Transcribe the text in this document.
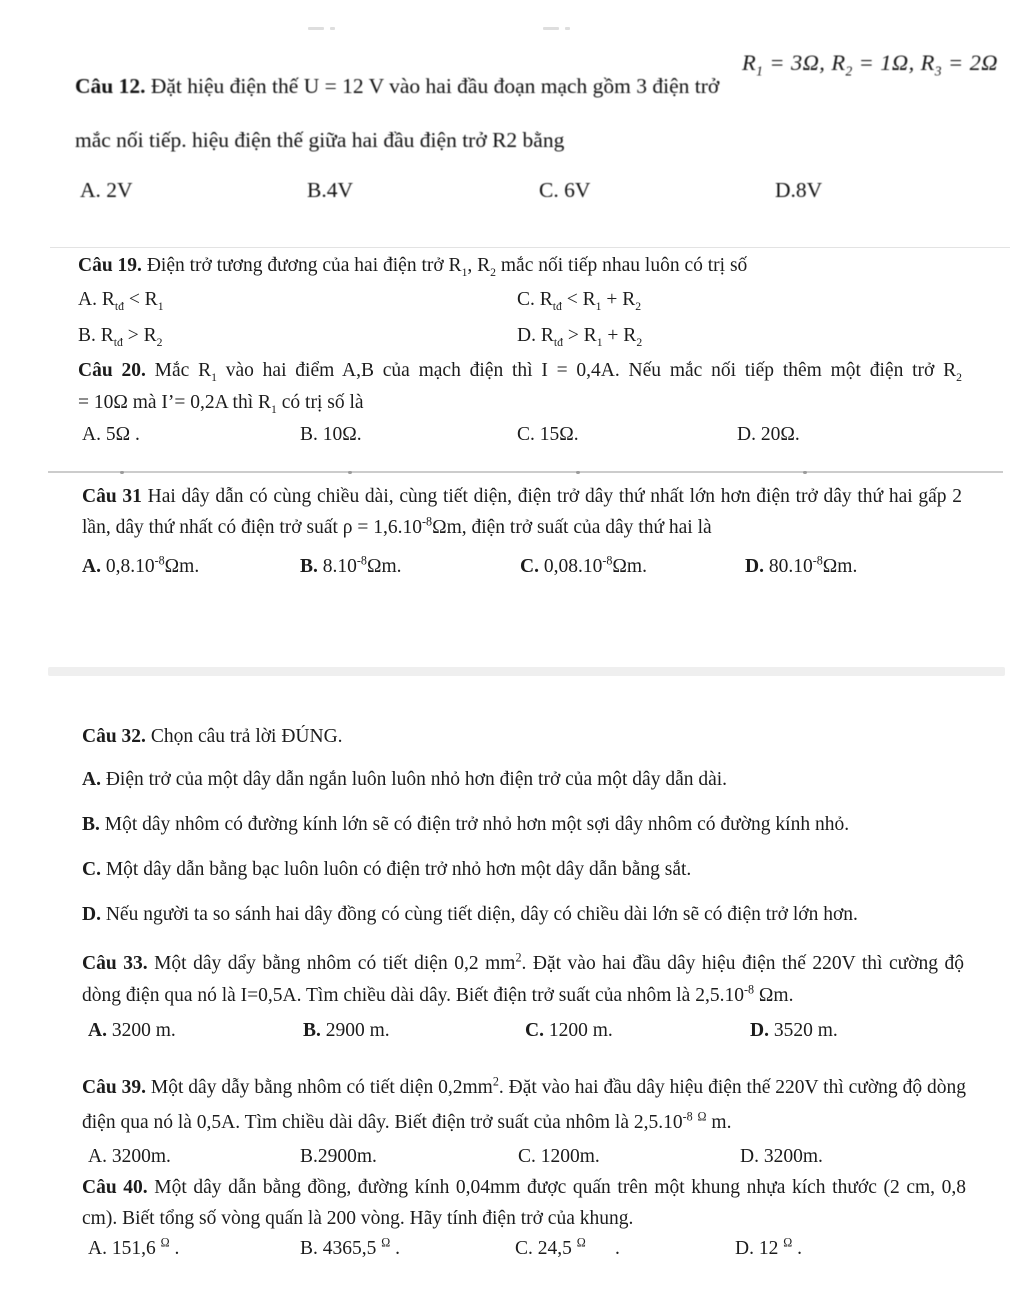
Câu 12. Đặt hiệu điện thế U = 12 V vào hai đầu đoạn mạch gồm 3 điện trở
$R_1 = 3\Omega$, $R_2 = 1\Omega$, $R_3 = 2\Omega$
mắc nối tiếp. hiệu điện thế giữa hai đầu điện trở R2 bằng
A. 2V	B.4V	C. 6V	D.8V
Câu 19. Điện trở tương đương của hai điện trở $R_1$, $R_2$ mắc nối tiếp nhau luôn có trị số
A. $R_{tđ} < R_1$	C. $R_{tđ} < R_1 + R_2$
B. $R_{tđ} > R_2$	D. $R_{tđ} > R_1 + R_2$
Câu 20. Mắc $R_1$ vào hai điểm A,B của mạch điện thì I = 0,4A. Nếu mắc nối tiếp thêm một điện trở $R_2$
= 10Ω mà I’= 0,2A thì $R_1$ có trị số là
A. 5Ω .	B. 10Ω.	C. 15Ω.	D. 20Ω.
Câu 31 Hai dây dẫn có cùng chiều dài, cùng tiết diện, điện trở dây thứ nhất lớn hơn điện trở dây thứ hai gấp 2 lần, dây thứ nhất có điện trở suất $\rho = 1,6.10^{-8}\Omega m$, điện trở suất của dây thứ hai là
A. $0,8.10^{-8}\Omega m$.	B. $8.10^{-8}\Omega m$.	C. $0,08.10^{-8}\Omega m$.	D. $80.10^{-8}\Omega m$.
Câu 32. Chọn câu trả lời ĐÚNG.
A. Điện trở của một dây dẫn ngắn luôn luôn nhỏ hơn điện trở của một dây dẫn dài.
B. Một dây nhôm có đường kính lớn sẽ có điện trở nhỏ hơn một sợi dây nhôm có đường kính nhỏ.
C. Một dây dẫn bằng bạc luôn luôn có điện trở nhỏ hơn một dây dẫn bằng sắt.
D. Nếu người ta so sánh hai dây đồng có cùng tiết diện, dây có chiều dài lớn sẽ có điện trở lớn hơn.
Câu 33. Một dây dẩy bằng nhôm có tiết diện 0,2 $mm^2$. Đặt vào hai đầu dây hiệu điện thế 220V thì cường độ dòng điện qua nó là I=0,5A. Tìm chiều dài dây. Biết điện trở suất của nhôm là $2,5.10^{-8}$ Ωm.
A. 3200 m.	B. 2900 m.	C. 1200 m.	D. 3520 m.
Câu 39. Một dây dẫy bằng nhôm có tiết diện $0,2mm^2$. Đặt vào hai đầu dây hiệu điện thế 220V thì cường độ dòng điện qua nó là 0,5A. Tìm chiều dài dây. Biết điện trở suất của nhôm là $2,5.10^{-8}$ $^\Omega$ m.
A. 3200m.	B.2900m.	C. 1200m.	D. 3200m.
Câu 40. Một dây dẫn bằng đồng, đường kính 0,04mm được quấn trên một khung nhựa kích thước (2 cm, 0,8 cm). Biết tổng số vòng quấn là 200 vòng. Hãy tính điện trở của khung.
A. 151,6 $^\Omega$ .	B. 4365,5 $^\Omega$ .	C. 24,5 $^\Omega$      .	D. 12 $^\Omega$ .
